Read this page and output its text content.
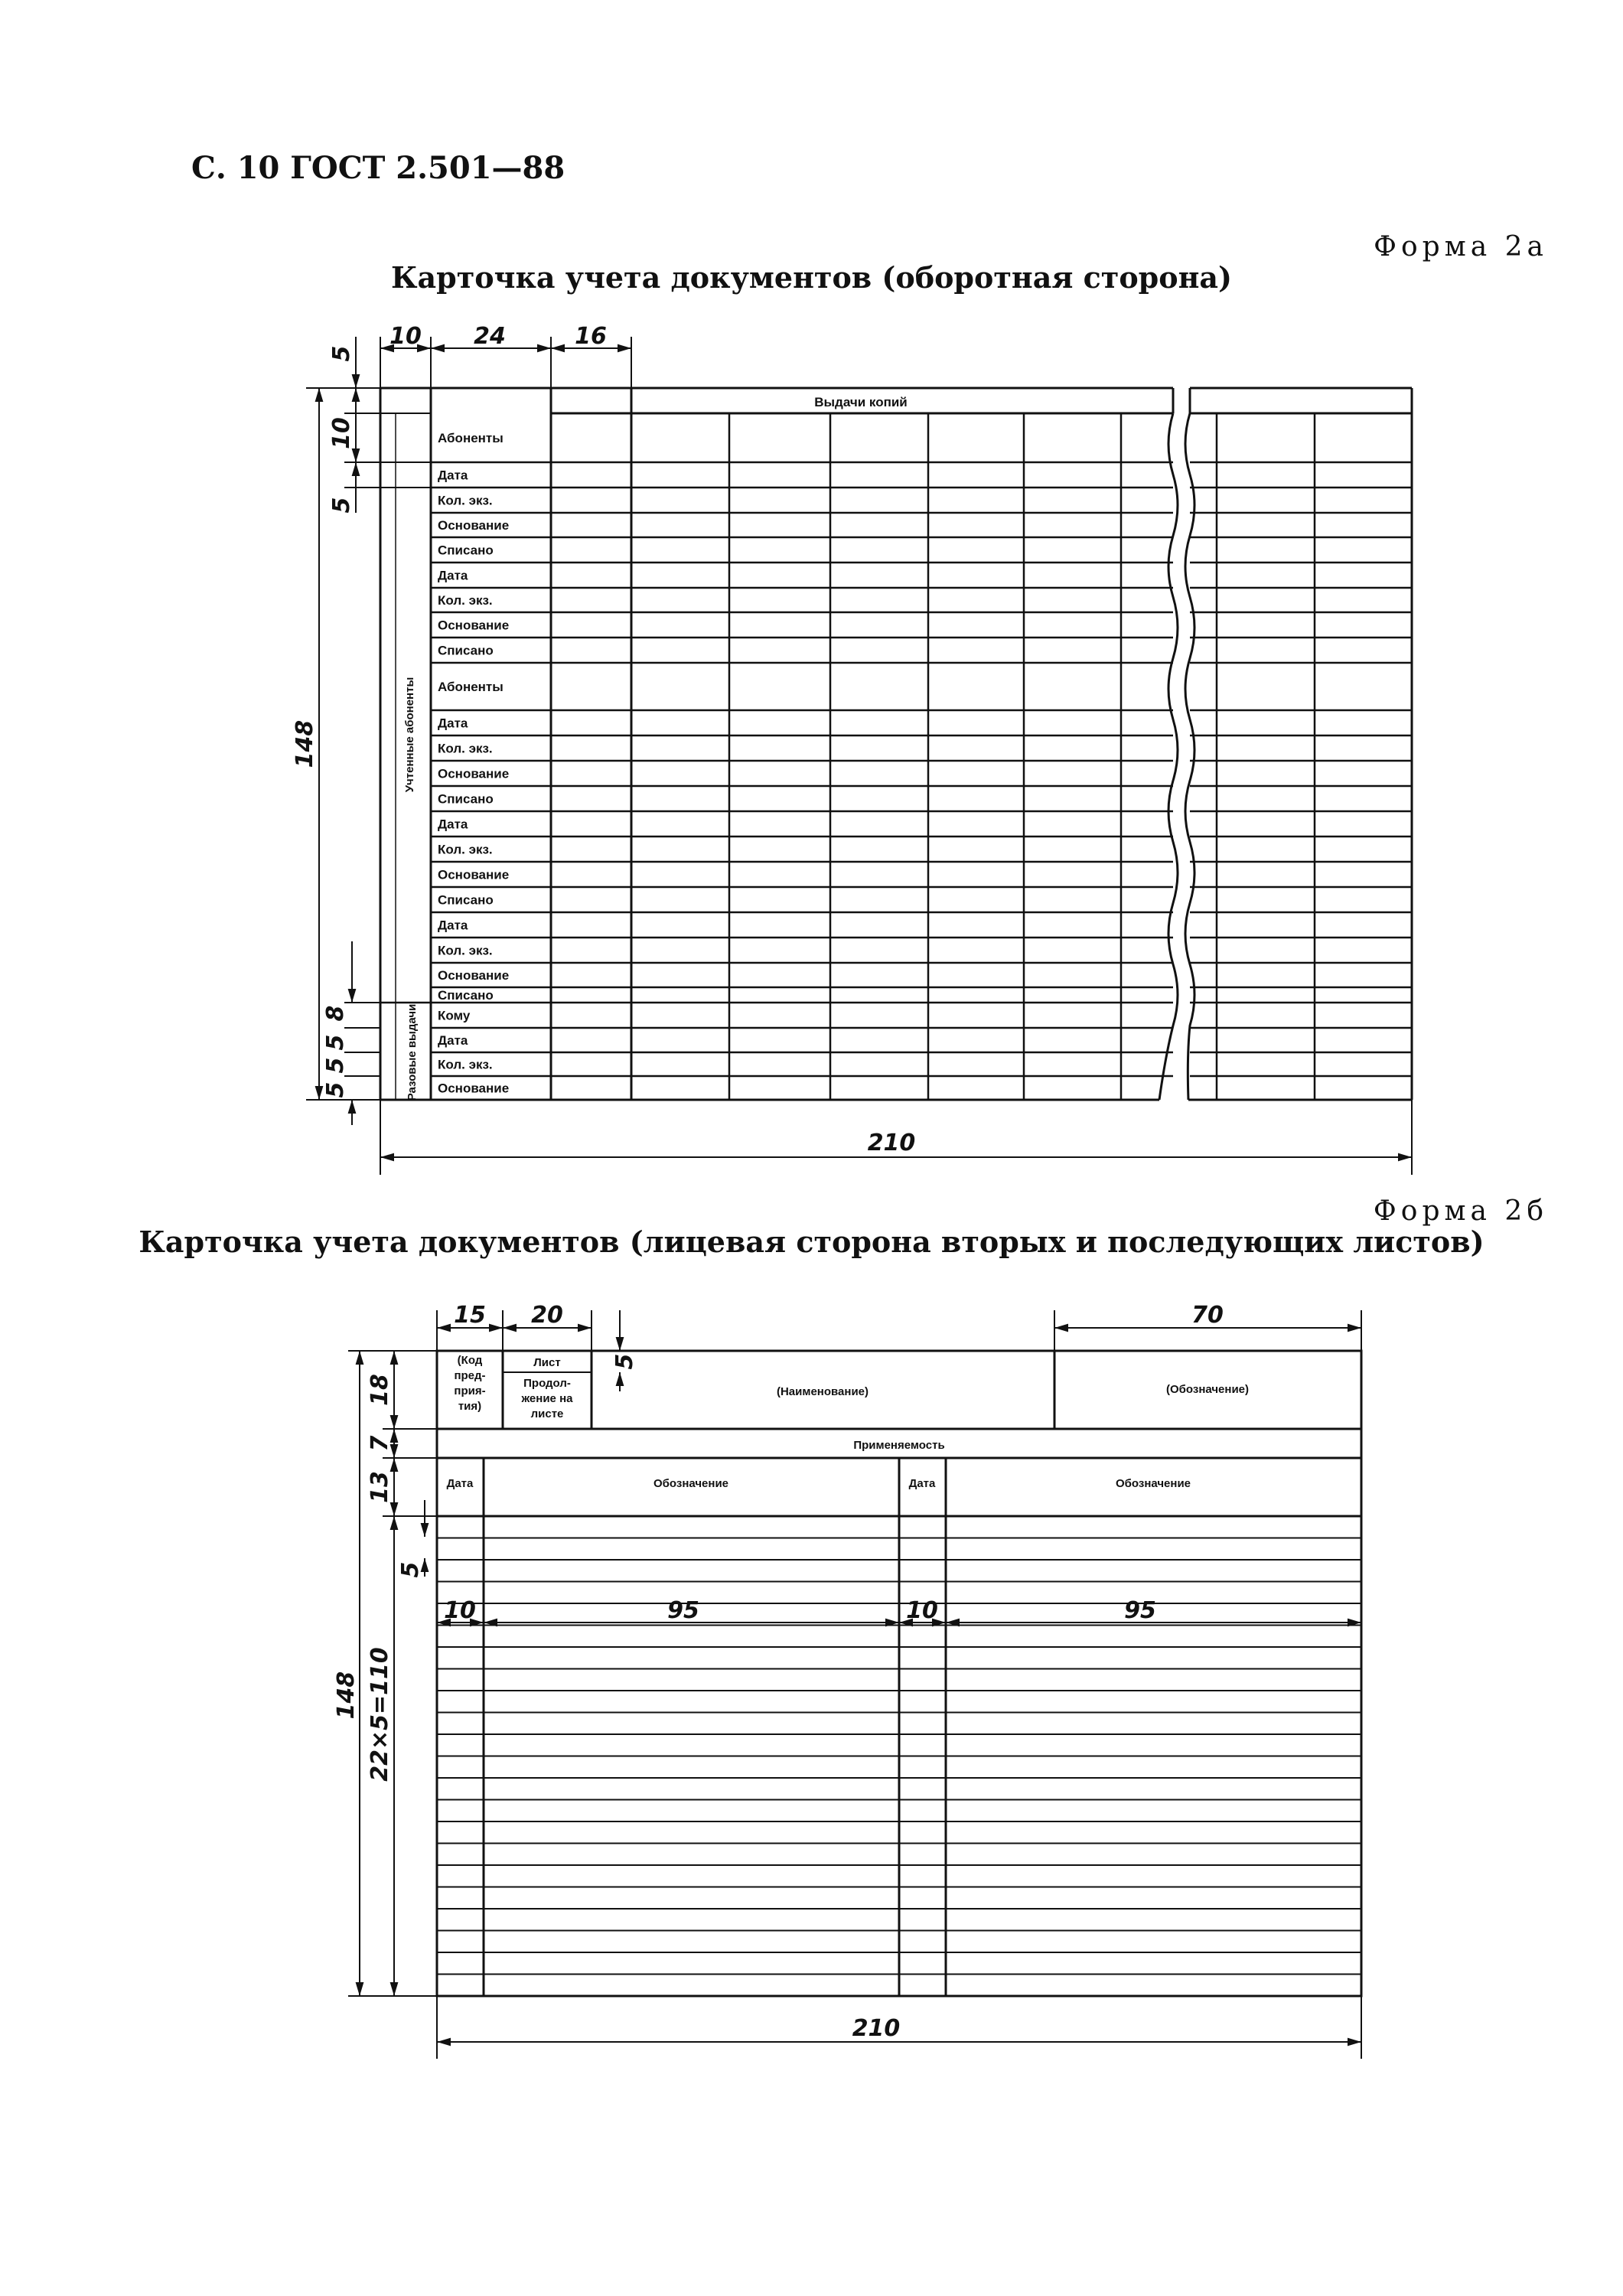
С. 10 ГОСТ 2.501—88
Форма 2а
Карточка учета документов (оборотная сторона)
Форма 2б
Карточка учета документов (лицевая сторона вторых и последующих листов)
Выдачи копий
Учтенные абоненты
Разовые выдачи
Абоненты
Дата
Кол. экз.
Основание
Списано
Дата
Кол. экз.
Основание
Списано
Абоненты
Дата
Кол. экз.
Основание
Списано
Дата
Кол. экз.
Основание
Списано
Дата
Кол. экз.
Основание
Списано
Кому
Дата
Кол. экз.
Основание
10 24	16
148
5
10
5
8
5
5
5
210
(Код пред-прия-тия)
Лист
Продол-жение на листе
(Наименование)	(Обозначение)
Применяемость
Дата	Обозначение	Дата	Обозначение
15 20	70
5
148
18
7
13
22×5=110
5
10	95	10	95
210
